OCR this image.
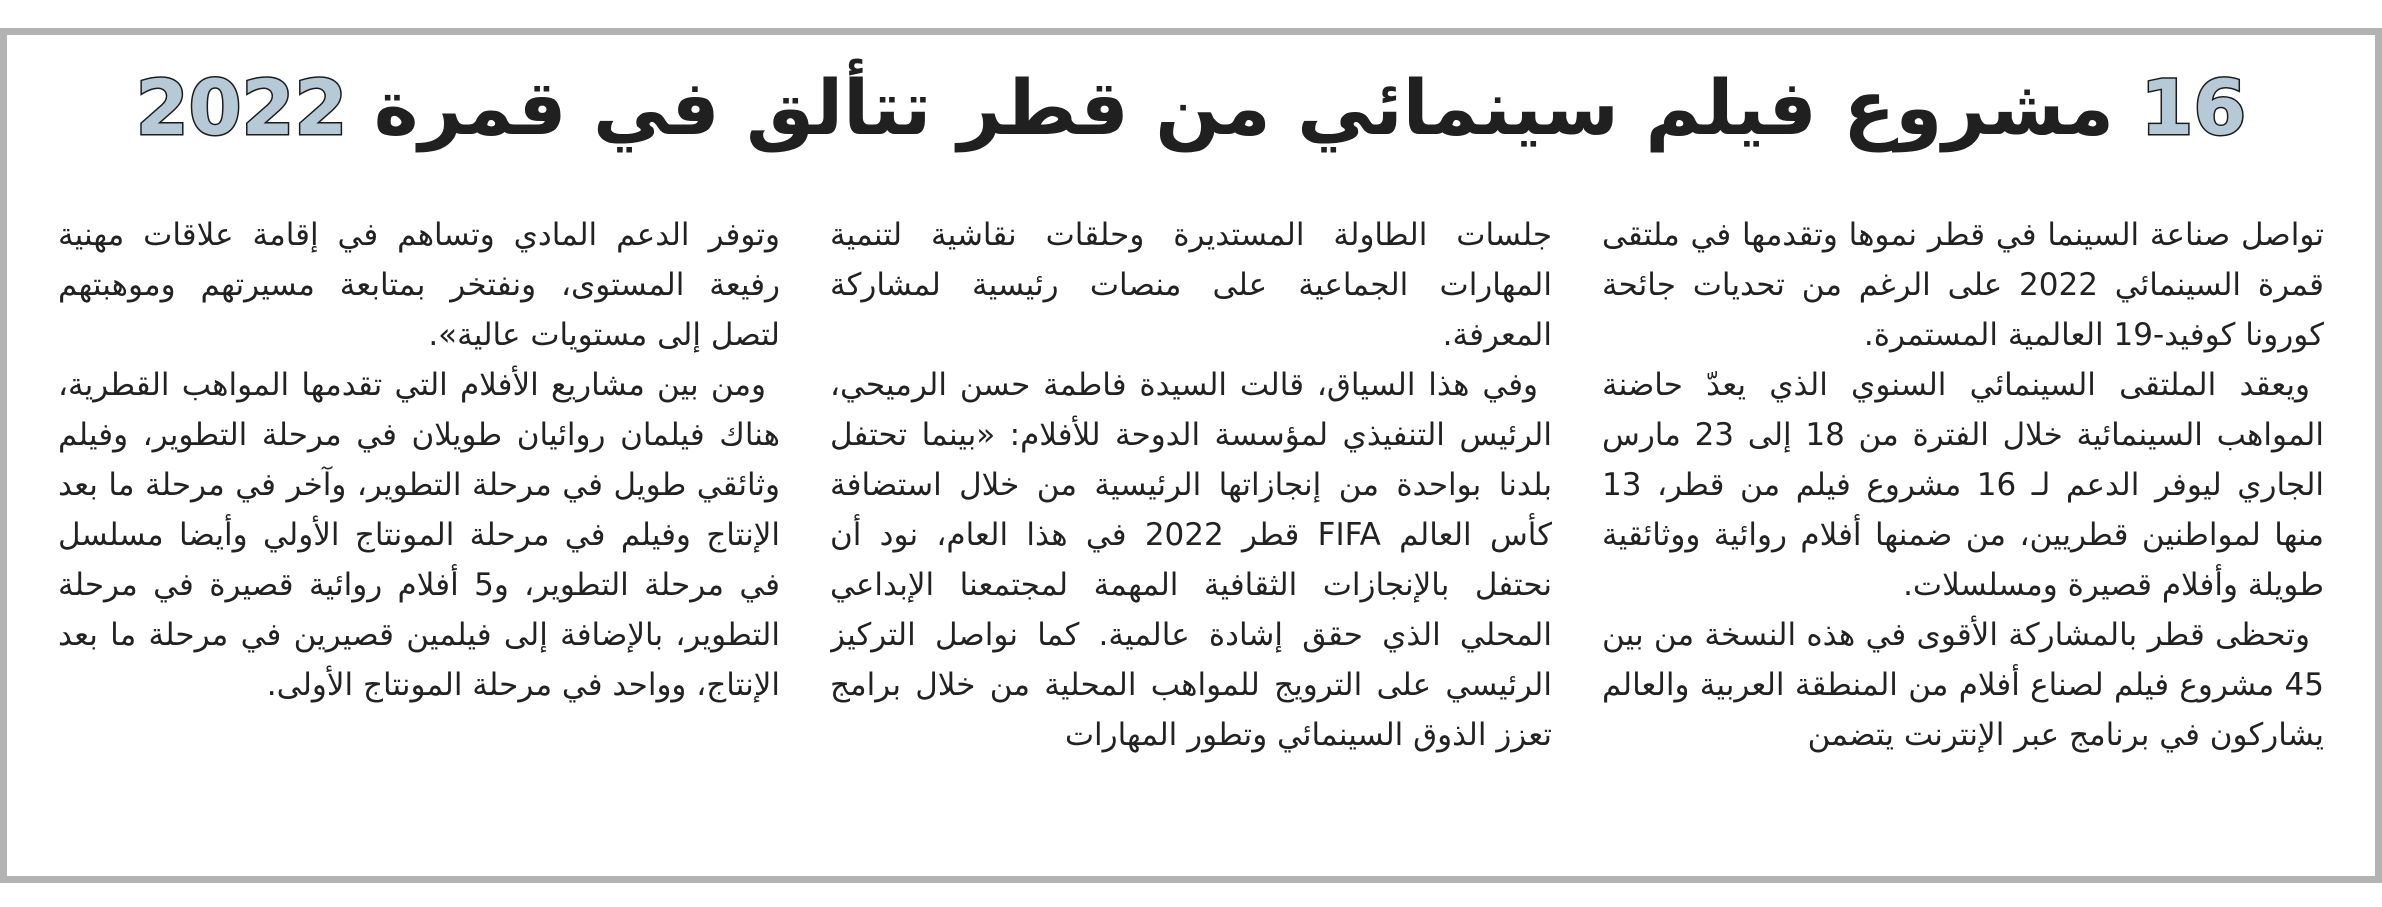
16 مشروع فيلم سينمائي من قطر تتألق في قمرة 2022

تواصل صناعة السينما في قطر نموها وتقدمها في ملتقى قمرة السينمائي 2022 على الرغم من تحديات جائحة كورونا كوفيد-19 العالمية المستمرة.

ويعقد الملتقى السينمائي السنوي الذي يعدّ حاضنة المواهب السينمائية خلال الفترة من 18 إلى 23 مارس الجاري ليوفر الدعم لـ 16 مشروع فيلم من قطر، 13 منها لمواطنين قطريين، من ضمنها أفلام روائية ووثائقية طويلة وأفلام قصيرة ومسلسلات.

وتحظى قطر بالمشاركة الأقوى في هذه النسخة من بين 45 مشروع فيلم لصناع أفلام من المنطقة العربية والعالم يشاركون في برنامج عبر الإنترنت يتضمن

جلسات الطاولة المستديرة وحلقات نقاشية لتنمية المهارات الجماعية على منصات رئيسية لمشاركة المعرفة.

وفي هذا السياق، قالت السيدة فاطمة حسن الرميحي، الرئيس التنفيذي لمؤسسة الدوحة للأفلام: «بينما تحتفل بلدنا بواحدة من إنجازاتها الرئيسية من خلال استضافة كأس العالم FIFA قطر 2022 في هذا العام، نود أن نحتفل بالإنجازات الثقافية المهمة لمجتمعنا الإبداعي المحلي الذي حقق إشادة عالمية. كما نواصل التركيز الرئيسي على الترويج للمواهب المحلية من خلال برامج تعزز الذوق السينمائي وتطور المهارات

وتوفر الدعم المادي وتساهم في إقامة علاقات مهنية رفيعة المستوى، ونفتخر بمتابعة مسيرتهم وموهبتهم لتصل إلى مستويات عالية».

ومن بين مشاريع الأفلام التي تقدمها المواهب القطرية، هناك فيلمان روائيان طويلان في مرحلة التطوير، وفيلم وثائقي طويل في مرحلة التطوير، وآخر في مرحلة ما بعد الإنتاج وفيلم في مرحلة المونتاج الأولي وأيضا مسلسل في مرحلة التطوير، و5 أفلام روائية قصيرة في مرحلة التطوير، بالإضافة إلى فيلمين قصيرين في مرحلة ما بعد الإنتاج، وواحد في مرحلة المونتاج الأولى.
